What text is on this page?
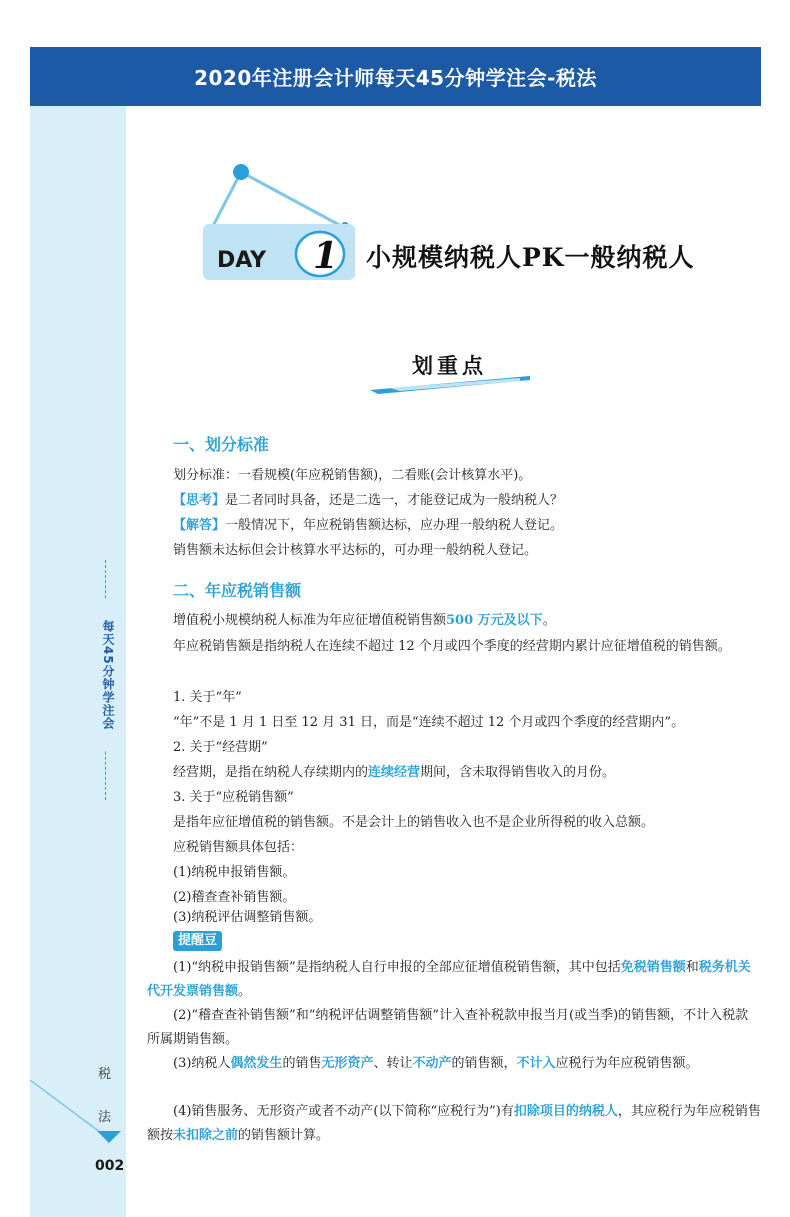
2020年注册会计师每天45分钟学注会-税法
每天45分钟学注会
税
法
002
DAY 1 小规模纳税人PK一般纳税人
划重点
一、划分标准
划分标准：一看规模(年应税销售额)，二看账(会计核算水平)。
【思考】是二者同时具备，还是二选一，才能登记成为一般纳税人？
【解答】一般情况下，年应税销售额达标，应办理一般纳税人登记。
销售额未达标但会计核算水平达标的，可办理一般纳税人登记。
二、年应税销售额
增值税小规模纳税人标准为年应征增值税销售额500 万元及以下。
年应税销售额是指纳税人在连续不超过 12 个月或四个季度的经营期内累计应征增值税的销售额。
1. 关于“年”
“年”不是 1 月 1 日至 12 月 31 日，而是“连续不超过 12 个月或四个季度的经营期内”。
2. 关于“经营期”
经营期，是指在纳税人存续期内的连续经营期间，含未取得销售收入的月份。
3. 关于“应税销售额”
是指年应征增值税的销售额。不是会计上的销售收入也不是企业所得税的收入总额。
应税销售额具体包括：
(1)纳税申报销售额。
(2)稽查查补销售额。
(3)纳税评估调整销售额。
提醒豆
(1)“纳税申报销售额”是指纳税人自行申报的全部应征增值税销售额，其中包括免税销售额和税务机关代开发票销售额。
(2)“稽查查补销售额”和“纳税评估调整销售额”计入查补税款申报当月(或当季)的销售额，不计入税款所属期销售额。
(3)纳税人偶然发生的销售无形资产、转让不动产的销售额，不计入应税行为年应税销售额。
(4)销售服务、无形资产或者不动产(以下简称“应税行为”)有扣除项目的纳税人，其应税行为年应税销售额按未扣除之前的销售额计算。
